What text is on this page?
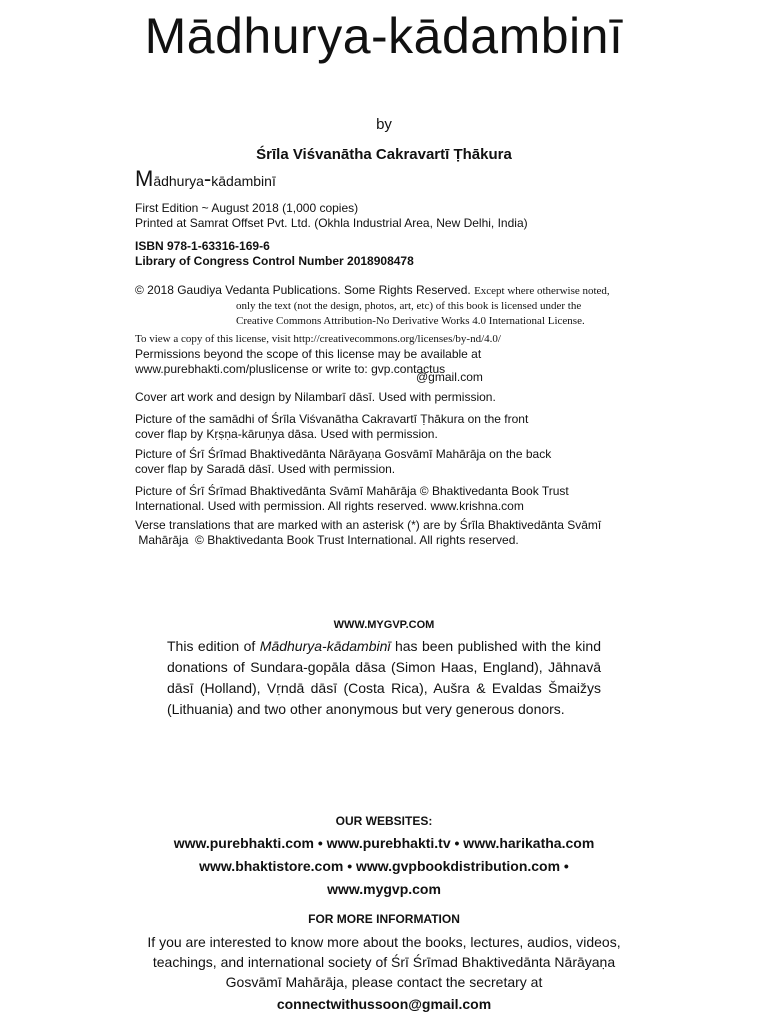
Mādhurya-kādambinī
by
Śrīla Viśvanātha Cakravartī Ṭhākura
Mādhurya-kādambinī
First Edition ~ August 2018 (1,000 copies)
Printed at Samrat Offset Pvt. Ltd. (Okhla Industrial Area, New Delhi, India)
ISBN 978-1-63316-169-6
Library of Congress Control Number 2018908478
© 2018 Gaudiya Vedanta Publications. Some Rights Reserved. Except where otherwise noted,
only the text (not the design, photos, art, etc) of this book is licensed under the
Creative Commons Attribution-No Derivative Works 4.0 International License.
To view a copy of this license, visit http://creativecommons.org/licenses/by-nd/4.0/
Permissions beyond the scope of this license may be available at
www.purebhakti.com/pluslicense or write to: gvp.contactus
@gmail.com
Cover art work and design by Nilambarī dāsī. Used with permission.
Picture of the samādhi of Śrīla Viśvanātha Cakravartī Ṭhākura on the front
cover flap by Kṛṣṇa-kāruṇya dāsa. Used with permission.
Picture of Śrī Śrīmad Bhaktivedānta Nārāyaṇa Gosvāmī Mahārāja on the back
cover flap by Saradā dāsī. Used with permission.
Picture of Śrī Śrīmad Bhaktivedānta Svāmī Mahārāja © Bhaktivedanta Book Trust
International. Used with permission. All rights reserved. www.krishna.com
Verse translations that are marked with an asterisk (*) are by Śrīla Bhaktivedānta Svāmī
Mahārāja  © Bhaktivedanta Book Trust International. All rights reserved.
WWW.MYGVP.COM
This edition of Mādhurya-kādambinī has been published with the kind donations of Sundara-gopāla dāsa (Simon Haas, England), Jāhnavā dāsī (Holland), Vṛndā dāsī (Costa Rica), Aušra & Evaldas Šmaižys (Lithuania) and two other anonymous but very generous donors.
OUR WEBSITES:
www.purebhakti.com • www.purebhakti.tv • www.harikatha.com
www.bhaktistore.com • www.gvpbookdistribution.com •
www.mygvp.com
FOR MORE INFORMATION
If you are interested to know more about the books, lectures, audios, videos, teachings, and international society of Śrī Śrīmad Bhaktivedānta Nārāyaṇa Gosvāmī Mahārāja, please contact the secretary at
connectwithussoon@gmail.com
